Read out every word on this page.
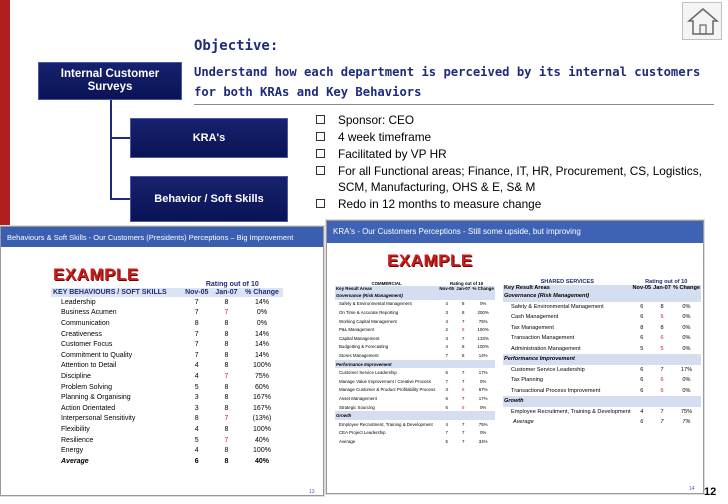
Objective:
Understand how each department is perceived by its internal customers for both KRAs and Key Behaviors
Internal Customer Surveys
KRA's
Behavior / Soft Skills
Sponsor: CEO
4 week timeframe
Facilitated by VP HR
For all Functional areas; Finance, IT, HR, Procurement, CS, Logistics, SCM, Manufacturing, OHS & E, S& M
Redo in 12 months to measure change
Behaviours & Soft Skills - Our Customers (Presidents) Perceptions – Big Improvement
EXAMPLE
	Rating out of 10		
KEY BEHAVIOURS / SOFT SKILLS	Nov-05	Jan-07	% Change
Leadership	7	8	14%
Business Acumen	7	7	0%
Communication	8	8	0%
Creativeness	7	8	14%
Customer Focus	7	8	14%
Commitment to Quality	7	8	14%
Attention to Detail	4	8	100%
Discipline	4	7	75%
Problem Solving	5	8	60%
Planning & Organising	3	8	167%
Action Orientated	3	8	167%
Interpersonal Sensitivity	8	7	(13%)
Flexibility	4	8	100%
Resilience	5	7	40%
Energy	4	8	100%
Average	6	8	40%
13
KRA's - Our Customers Perceptions - Still some upside, but improving
EXAMPLE
COMMERCIAL	Rating out of 10		
Key Result Areas	Nov-05	Jan-07	% Change
Governance (Risk Management)			
Safety & Environmental Management	4	8	0%
On Time & Accurate Reporting	3	8	200%
Working Capital Management	4	7	75%
P&L Management	2	5	150%
Capital Management	3	7	133%
Budgetting & Forecasting	4	8	100%
Stores Management	7	8	14%
Performance Improvement			
Customer Service Leadership	6	7	17%
Manage Value Improvement / Creative Process	7	7	0%
Manage Customer & Product Profitability Process	3	5	67%
Asset Management	6	7	17%
Strategic Sourcing	6	6	0%
Growth			
Employee Recruitment, Training & Development	4	7	75%
CEA Project Leadership	7	7	0%
Average	5	7	34%
SHARED SERVICES	Rating out of 10		
Key Result Areas	Nov-05	Jan-07	% Change
Governance (Risk Management)			
Safety & Environmental Management	6	8	0%
Cash Management	6	6	0%
Tax Management	8	8	0%
Transaction Management	6	6	0%
Administration Management	5	5	0%
Performance Improvement			
Customer Service Leadership	6	7	17%
Tax Planning	6	6	0%
Transactional Process Improvement	6	6	0%
Growth			
Employee Recruitment, Training & Development	4	7	75%
Average	6	7	7%
14 12
